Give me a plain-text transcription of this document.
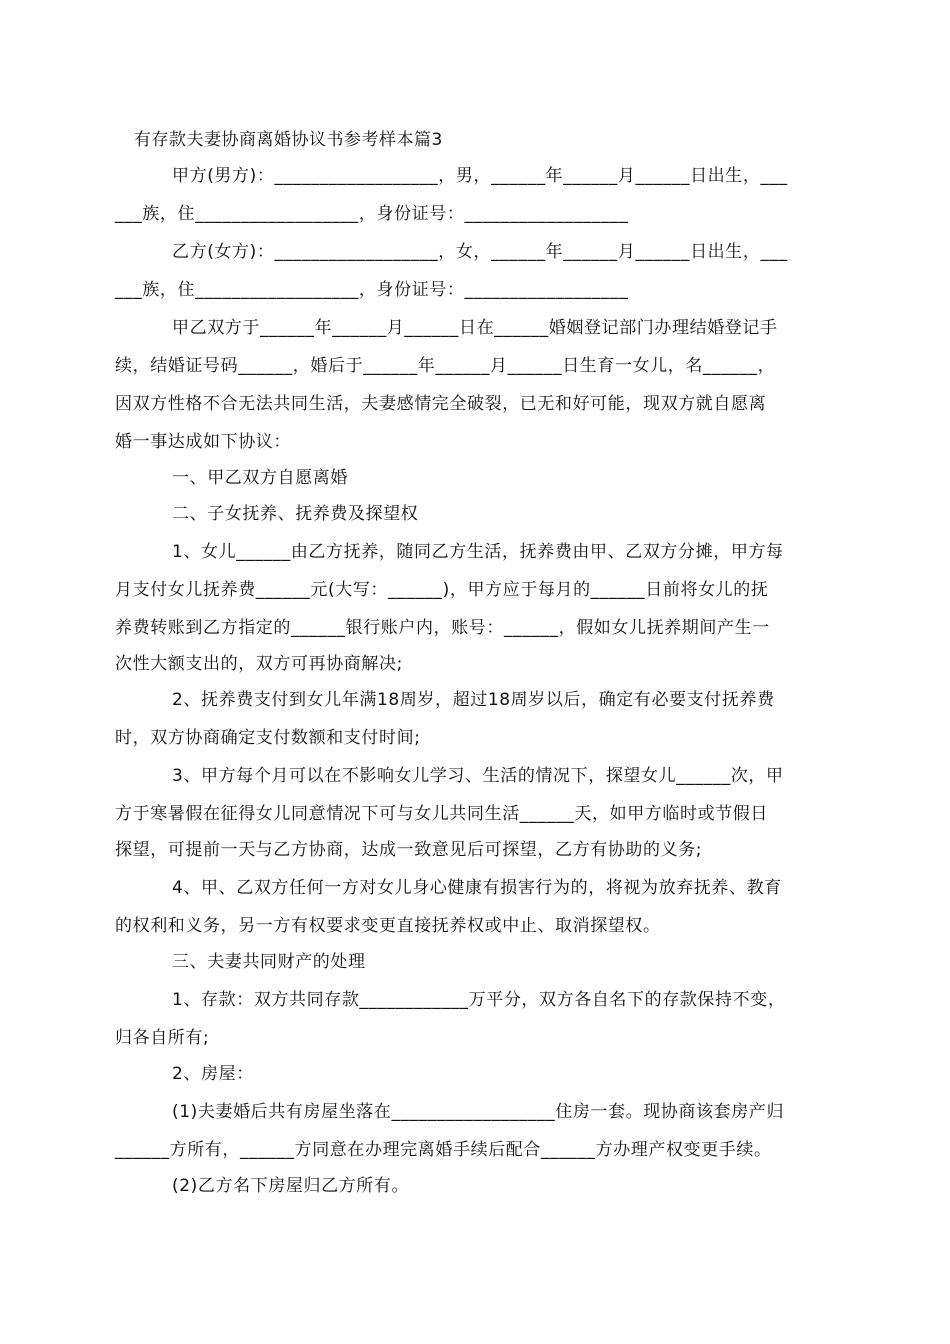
有存款夫妻协商离婚协议书参考样本篇3
甲方(男方)：__________________，男，______年______月______日出生，___
___族，住__________________，身份证号：__________________
乙方(女方)：__________________，女，______年______月______日出生，___
___族，住__________________，身份证号：__________________
甲乙双方于______年______月______日在______婚姻登记部门办理结婚登记手
续，结婚证号码______，婚后于______年______月______日生育一女儿，名______，
因双方性格不合无法共同生活，夫妻感情完全破裂，已无和好可能，现双方就自愿离
婚一事达成如下协议：
一、甲乙双方自愿离婚
二、子女抚养、抚养费及探望权
1、女儿______由乙方抚养，随同乙方生活，抚养费由甲、乙双方分摊，甲方每
月支付女儿抚养费______元(大写：______)，甲方应于每月的______日前将女儿的抚
养费转账到乙方指定的______银行账户内，账号：______，假如女儿抚养期间产生一
次性大额支出的，双方可再协商解决;
2、抚养费支付到女儿年满18周岁，超过18周岁以后，确定有必要支付抚养费
时，双方协商确定支付数额和支付时间;
3、甲方每个月可以在不影响女儿学习、生活的情况下，探望女儿______次，甲
方于寒暑假在征得女儿同意情况下可与女儿共同生活______天，如甲方临时或节假日
探望，可提前一天与乙方协商，达成一致意见后可探望，乙方有协助的义务;
4、甲、乙双方任何一方对女儿身心健康有损害行为的，将视为放弃抚养、教育
的权利和义务，另一方有权要求变更直接抚养权或中止、取消探望权。
三、夫妻共同财产的处理
1、存款：双方共同存款____________万平分，双方各自名下的存款保持不变，
归各自所有;
2、房屋：
(1)夫妻婚后共有房屋坐落在__________________住房一套。现协商该套房产归
______方所有，______方同意在办理完离婚手续后配合______方办理产权变更手续。
(2)乙方名下房屋归乙方所有。
